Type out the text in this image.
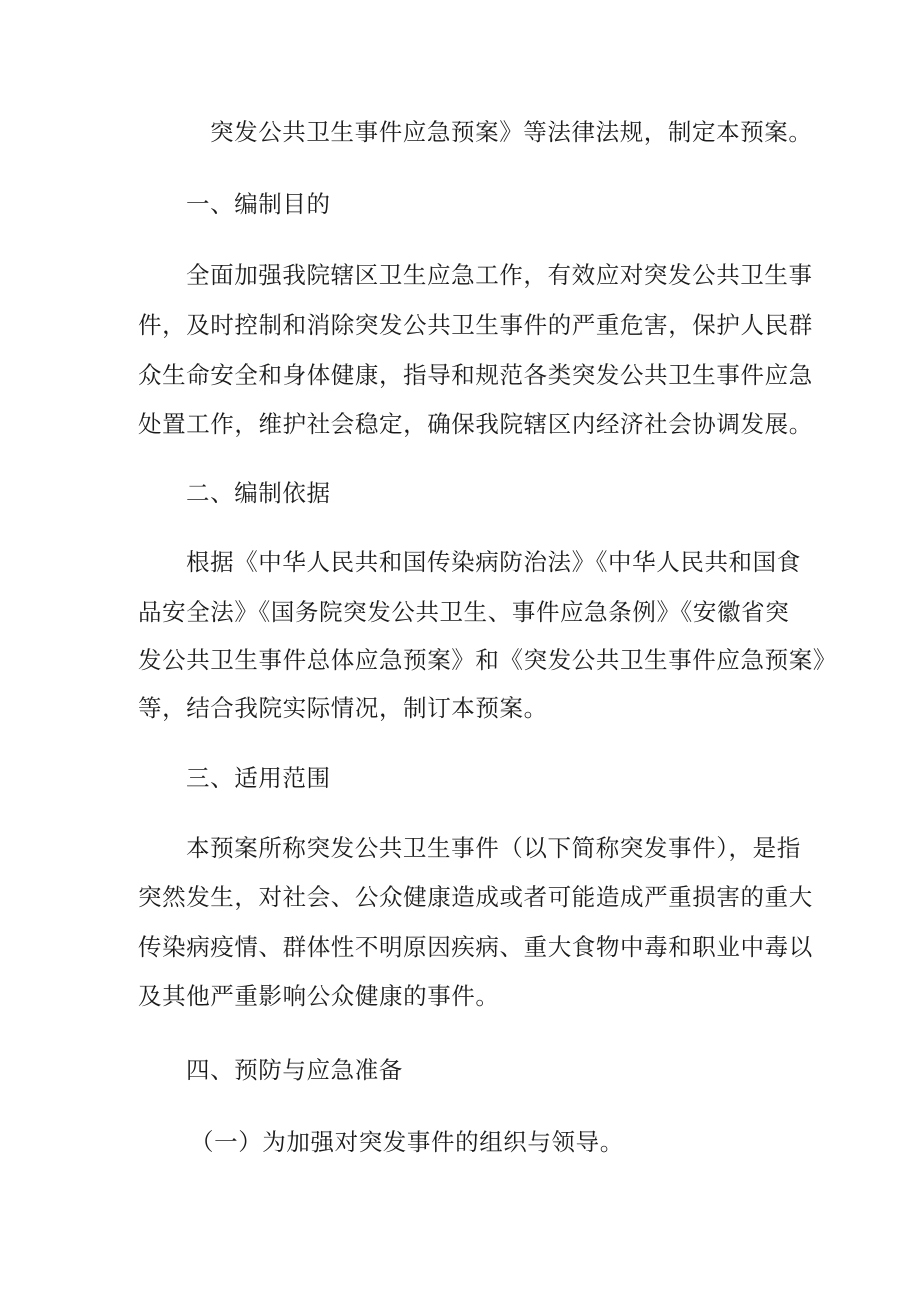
突发公共卫生事件应急预案》等法律法规，制定本预案。
一、编制目的
全面加强我院辖区卫生应急工作，有效应对突发公共卫生事
件，及时控制和消除突发公共卫生事件的严重危害，保护人民群
众生命安全和身体健康，指导和规范各类突发公共卫生事件应急
处置工作，维护社会稳定，确保我院辖区内经济社会协调发展。
二、编制依据
根据《中华人民共和国传染病防治法》《中华人民共和国食
品安全法》《国务院突发公共卫生、事件应急条例》《安徽省突
发公共卫生事件总体应急预案》和《突发公共卫生事件应急预案》
等，结合我院实际情况，制订本预案。
三、适用范围
本预案所称突发公共卫生事件（以下简称突发事件），是指
突然发生，对社会、公众健康造成或者可能造成严重损害的重大
传染病疫情、群体性不明原因疾病、重大食物中毒和职业中毒以
及其他严重影响公众健康的事件。
四、预防与应急准备
（一）为加强对突发事件的组织与领导。
